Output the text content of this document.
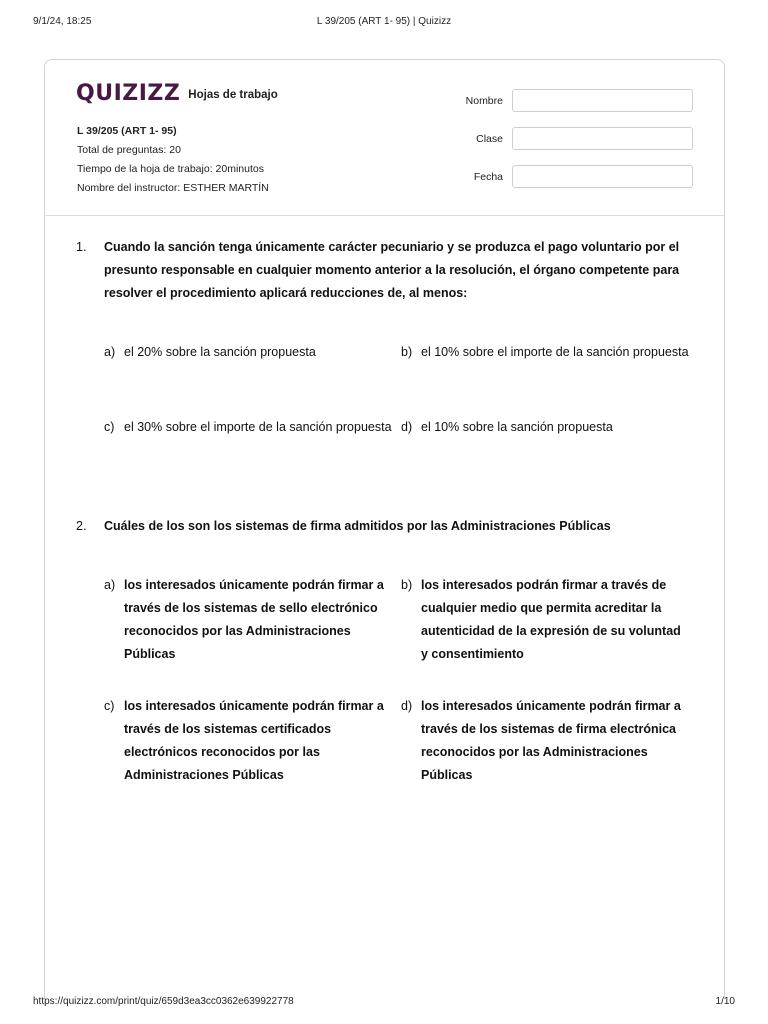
9/1/24, 18:25	L 39/205 (ART 1- 95) | Quizizz
QUIZIZZ Hojas de trabajo
L 39/205 (ART 1- 95)
Total de preguntas: 20
Tiempo de la hoja de trabajo: 20minutos
Nombre del instructor: ESTHER MARTÍN
Nombre
Clase
Fecha
1. Cuando la sanción tenga únicamente carácter pecuniario y se produzca el pago voluntario por el presunto responsable en cualquier momento anterior a la resolución, el órgano competente para resolver el procedimiento aplicará reducciones de, al menos:
a) el 20% sobre la sanción propuesta	b) el 10% sobre el importe de la sanción propuesta
c) el 30% sobre el importe de la sanción propuesta d) el 10% sobre la sanción propuesta
2. Cuáles de los son los sistemas de firma admitidos por las Administraciones Públicas
a) los interesados únicamente podrán firmar a través de los sistemas de sello electrónico reconocidos por las Administraciones Públicas
b) los interesados podrán firmar a través de cualquier medio que permita acreditar la autenticidad de la expresión de su voluntad y consentimiento
c) los interesados únicamente podrán firmar a través de los sistemas certificados electrónicos reconocidos por las Administraciones Públicas
d) los interesados únicamente podrán firmar a través de los sistemas de firma electrónica reconocidos por las Administraciones Públicas
https://quizizz.com/print/quiz/659d3ea3cc0362e639922778	1/10
